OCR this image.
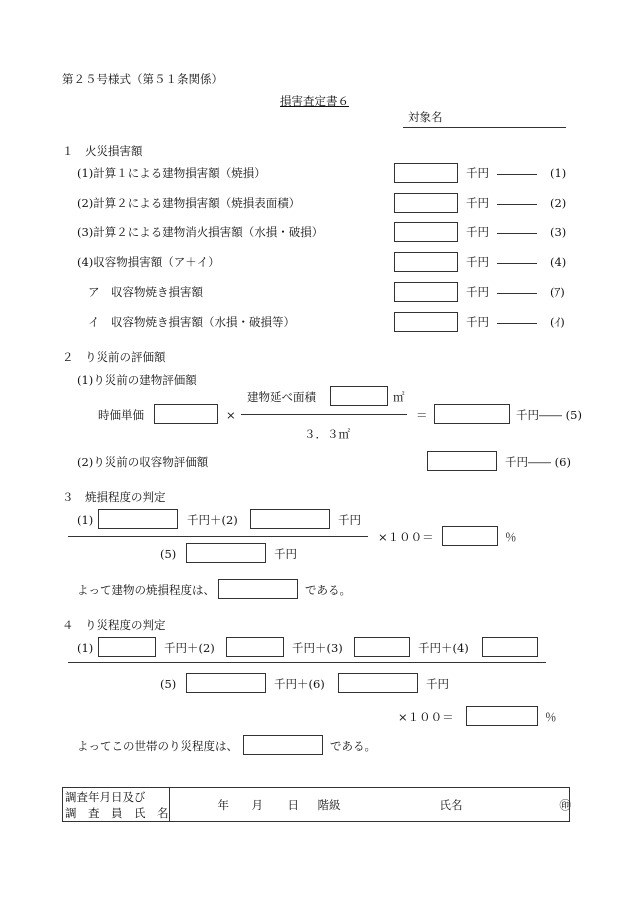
第２５号様式（第５１条関係）
損害査定書６
対象名
１　火災損害額
(1)計算１による建物損害額（焼損）	千円	(1)
(2)計算２による建物損害額（焼損表面積）	千円	(2)
(3)計算２による建物消火損害額（水損・破損）	千円	(3)
(4)収容物損害額（ア＋イ）	千円	(4)
ア　収容物焼き損害額	千円	(ｱ)
イ　収容物焼き損害額（水損・破損等）	千円	(ｲ)
２　り災前の評価額
(1)り災前の建物評価額
建物延べ面積	㎡
時価単価	×	＝	千円―― (5)
３．３㎡
(2)り災前の収容物評価額	千円―― (6)
３　焼損程度の判定
(1)	千円＋(2)	千円
×１００＝	％
(5)	千円
よって建物の焼損程度は、	である。
４　り災程度の判定
(1)	千円＋(2)	千円＋(3)	千円＋(4)
(5)	千円＋(6)	千円
×１００＝	％
よってこの世帯のり災程度は、	である。
調査年月日及び
調　査　員　氏　名

年 月 日 階級	氏名	㊞
